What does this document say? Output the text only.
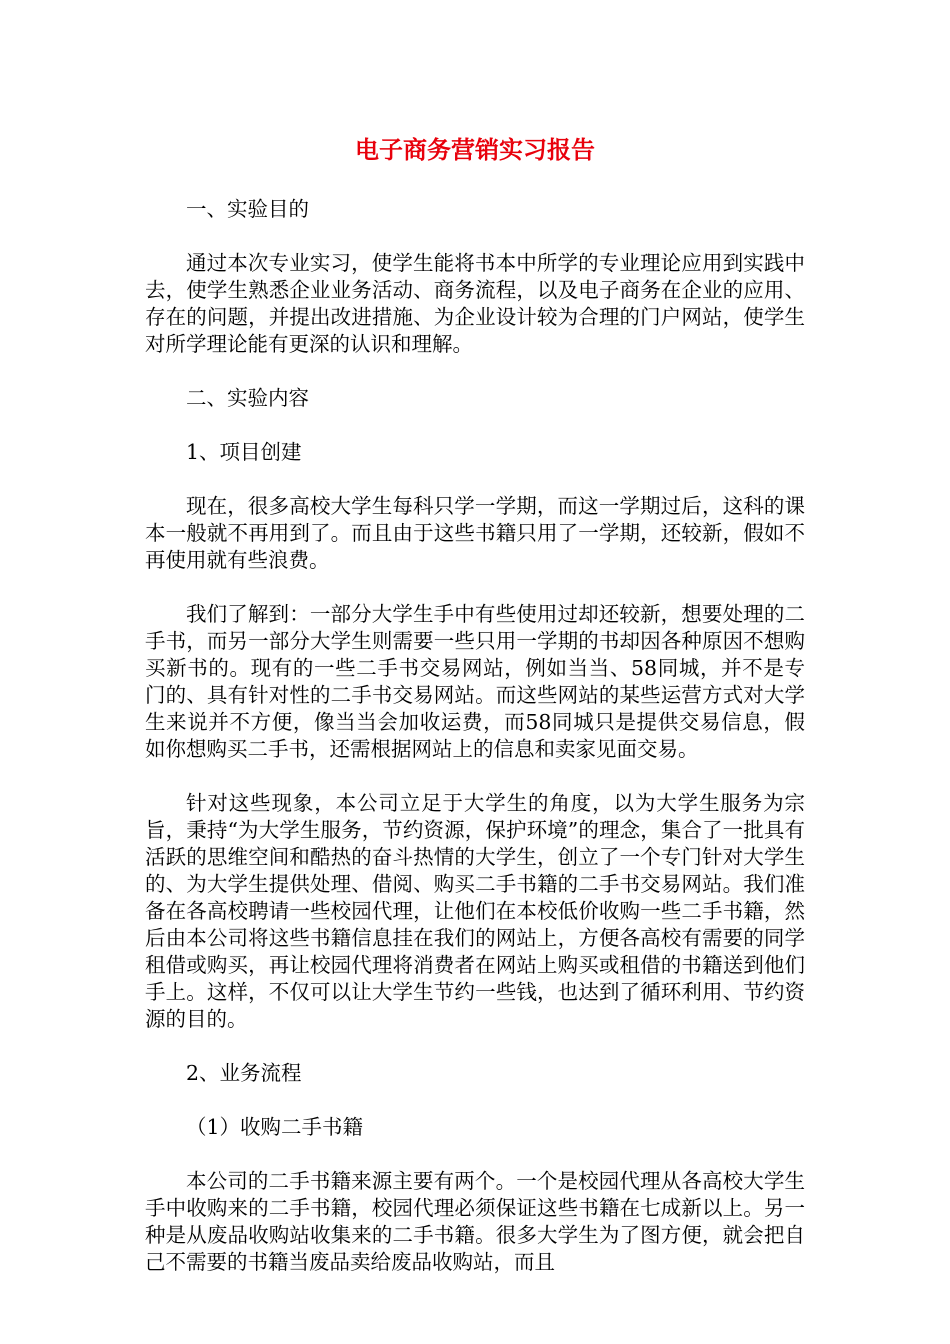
电子商务营销实习报告

一、实验目的

通过本次专业实习，使学生能将书本中所学的专业理论应用到实践中去，使学生熟悉企业业务活动、商务流程，以及电子商务在企业的应用、存在的问题，并提出改进措施、为企业设计较为合理的门户网站，使学生对所学理论能有更深的认识和理解。

二、实验内容

1、项目创建

现在，很多高校大学生每科只学一学期，而这一学期过后，这科的课本一般就不再用到了。而且由于这些书籍只用了一学期，还较新，假如不再使用就有些浪费。

我们了解到：一部分大学生手中有些使用过却还较新，想要处理的二手书，而另一部分大学生则需要一些只用一学期的书却因各种原因不想购买新书的。现有的一些二手书交易网站，例如当当、58同城，并不是专门的、具有针对性的二手书交易网站。而这些网站的某些运营方式对大学生来说并不方便，像当当会加收运费，而58同城只是提供交易信息，假如你想购买二手书，还需根据网站上的信息和卖家见面交易。

针对这些现象，本公司立足于大学生的角度，以为大学生服务为宗旨，秉持“为大学生服务，节约资源，保护环境”的理念，集合了一批具有活跃的思维空间和酷热的奋斗热情的大学生，创立了一个专门针对大学生的、为大学生提供处理、借阅、购买二手书籍的二手书交易网站。我们准备在各高校聘请一些校园代理，让他们在本校低价收购一些二手书籍，然后由本公司将这些书籍信息挂在我们的网站上，方便各高校有需要的同学租借或购买，再让校园代理将消费者在网站上购买或租借的书籍送到他们手上。这样，不仅可以让大学生节约一些钱，也达到了循环利用、节约资源的目的。

2、业务流程

（1）收购二手书籍

本公司的二手书籍来源主要有两个。一个是校园代理从各高校大学生手中收购来的二手书籍，校园代理必须保证这些书籍在七成新以上。另一种是从废品收购站收集来的二手书籍。很多大学生为了图方便，就会把自己不需要的书籍当废品卖给废品收购站，而且
